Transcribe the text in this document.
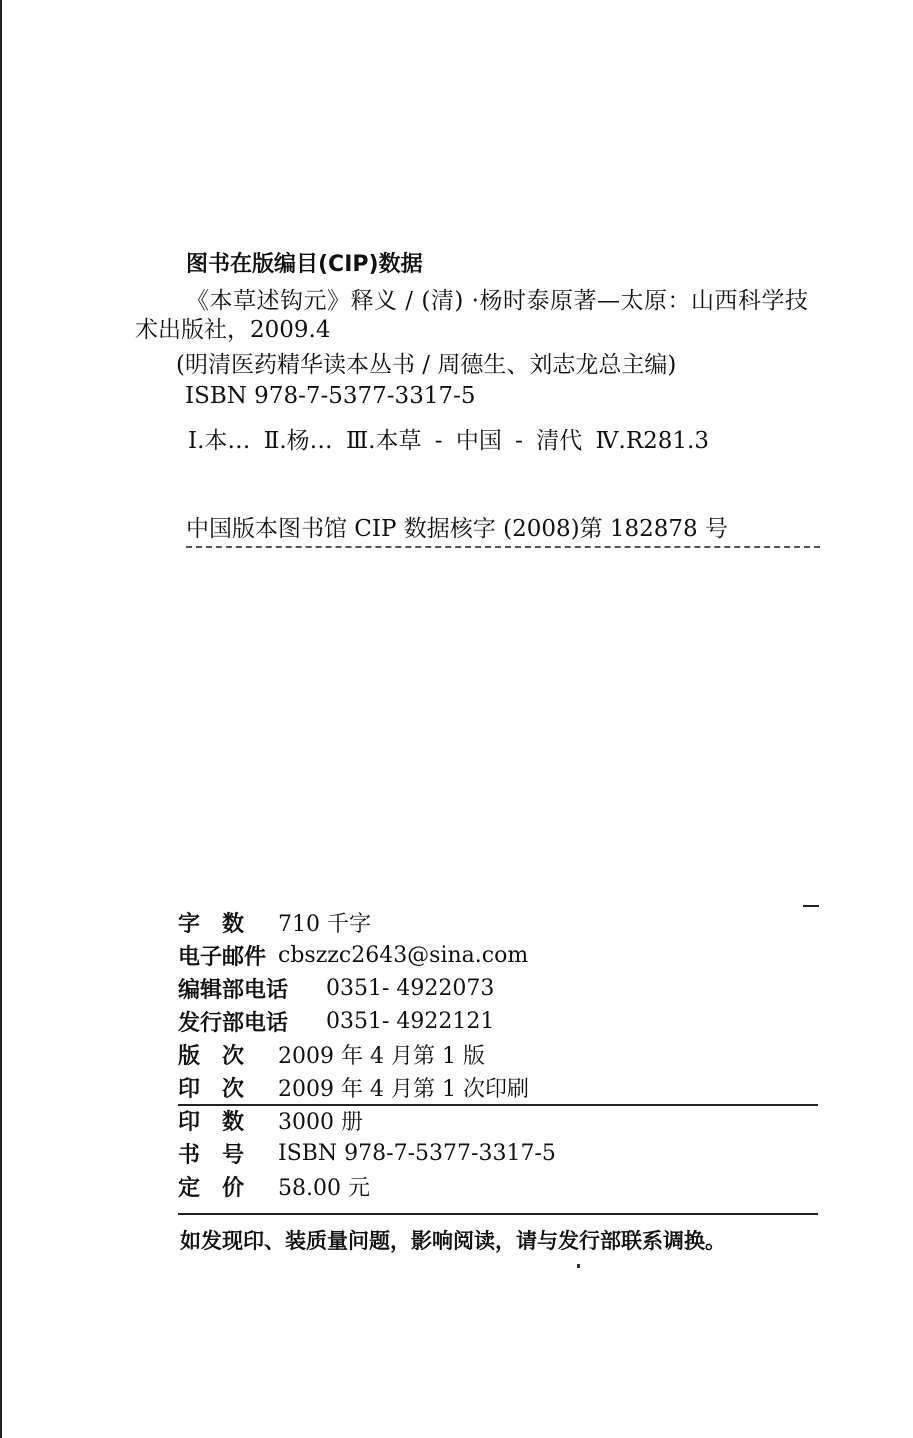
图书在版编目(CIP)数据
《本草述钩元》释义 / (清) ·杨时泰原著—太原：山西科学技
术出版社，2009.4
(明清医药精华读本丛书 / 周德生、刘志龙总主编)
ISBN 978-7-5377-3317-5
Ⅰ.本… Ⅱ.杨… Ⅲ.本草 - 中国 - 清代 Ⅳ.R281.3
中国版本图书馆 CIP 数据核字 (2008)第 182878 号
字　数	710 千字
电子邮件 cbszzc2643@sina.com
编辑部电话	0351- 4922073
发行部电话	0351- 4922121
版　次	2009 年 4 月第 1 版
印　次	2009 年 4 月第 1 次印刷
印　数	3000 册
书　号	ISBN 978-7-5377-3317-5
定　价	58.00 元
如发现印、装质量问题，影响阅读，请与发行部联系调换。
